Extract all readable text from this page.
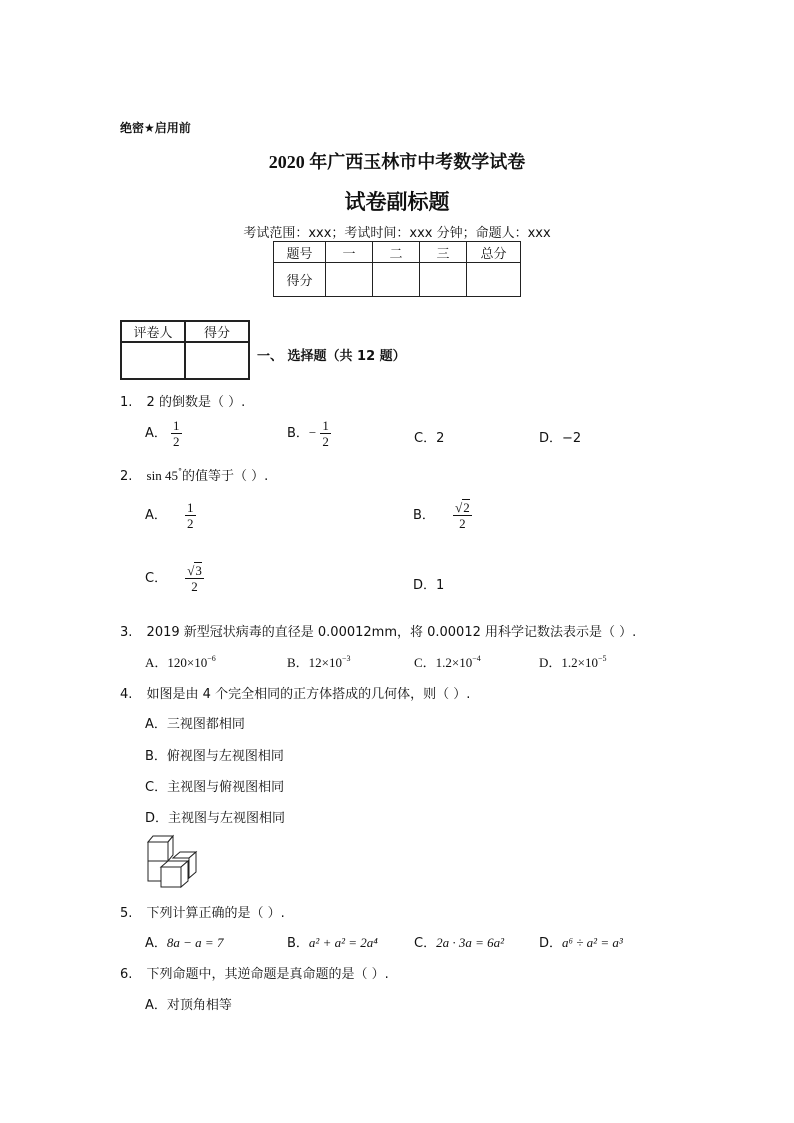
绝密★启用前
2020 年广西玉林市中考数学试卷
试卷副标题
考试范围：xxx；考试时间：xxx 分钟；命题人：xxx
题号	一	二	三	总分
得分				
评卷人	得分

一、 选择题（共 12 题）
1. 2 的倒数是（ ）.
A． $\frac{1}{2}$	B．− $\frac{1}{2}$	C．2	D．−2
2. sin 45°的值等于（ ）.
A． $\frac{1}{2}$	B． $\frac{√2}{2}$
C． $\frac{√3}{2}$	D．1
3. 2019 新型冠状病毒的直径是 0.00012mm，将 0.00012 用科学记数法表示是（ ）.
A．$120\times 10^{-6}$	B．$12\times 10^{-3}$	C．$1.2\times 10^{-4}$	D．$1.2\times 10^{-5}$
4. 如图是由 4 个完全相同的正方体搭成的几何体，则（ ）.
A．三视图都相同
B．俯视图与左视图相同
C．主视图与俯视图相同
D．主视图与左视图相同
5. 下列计算正确的是（ ）.
A．8a − a = 7	B．a² + a² = 2a⁴	C．2a · 3a = 6a²	D．a⁶ ÷ a² = a³
6. 下列命题中，其逆命题是真命题的是（ ）.
A．对顶角相等
